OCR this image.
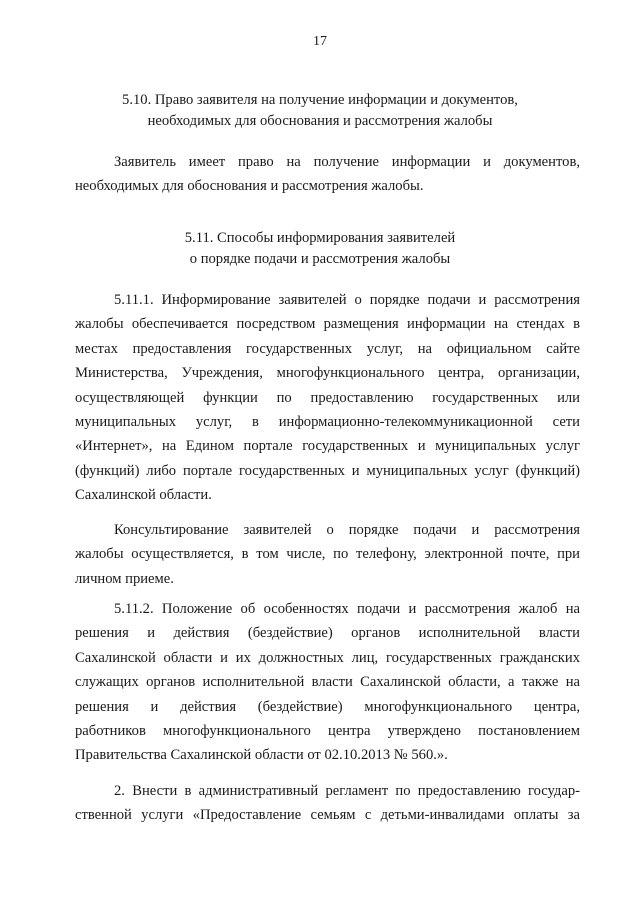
17
5.10. Право заявителя на получение информации и документов,
необходимых для обоснования и рассмотрения жалобы

Заявитель имеет право на получение информации и документов,
необходимых для обоснования и рассмотрения жалобы.

5.11. Способы информирования заявителей
о порядке подачи и рассмотрения жалобы

5.11.1. Информирование заявителей о порядке подачи и рассмотрения
жалобы обеспечивается посредством размещения информации на стендах в
местах предоставления государственных услуг, на официальном сайте
Министерства, Учреждения, многофункционального центра, организации,
осуществляющей функции по предоставлению государственных или
муниципальных услуг, в информационно-телекоммуникационной сети
«Интернет», на Едином портале государственных и муниципальных услуг
(функций) либо портале государственных и муниципальных услуг (функций)
Сахалинской области.

Консультирование заявителей о порядке подачи и рассмотрения
жалобы осуществляется, в том числе, по телефону, электронной почте, при
личном приеме.

5.11.2. Положение об особенностях подачи и рассмотрения жалоб на
решения и действия (бездействие) органов исполнительной власти
Сахалинской области и их должностных лиц, государственных гражданских
служащих органов исполнительной власти Сахалинской области, а также на
решения и действия (бездействие) многофункционального центра,
работников многофункционального центра утверждено постановлением
Правительства Сахалинской области от 02.10.2013 № 560.».

2. Внести в административный регламент по предоставлению государ-
ственной услуги «Предоставление семьям с детьми-инвалидами оплаты за
